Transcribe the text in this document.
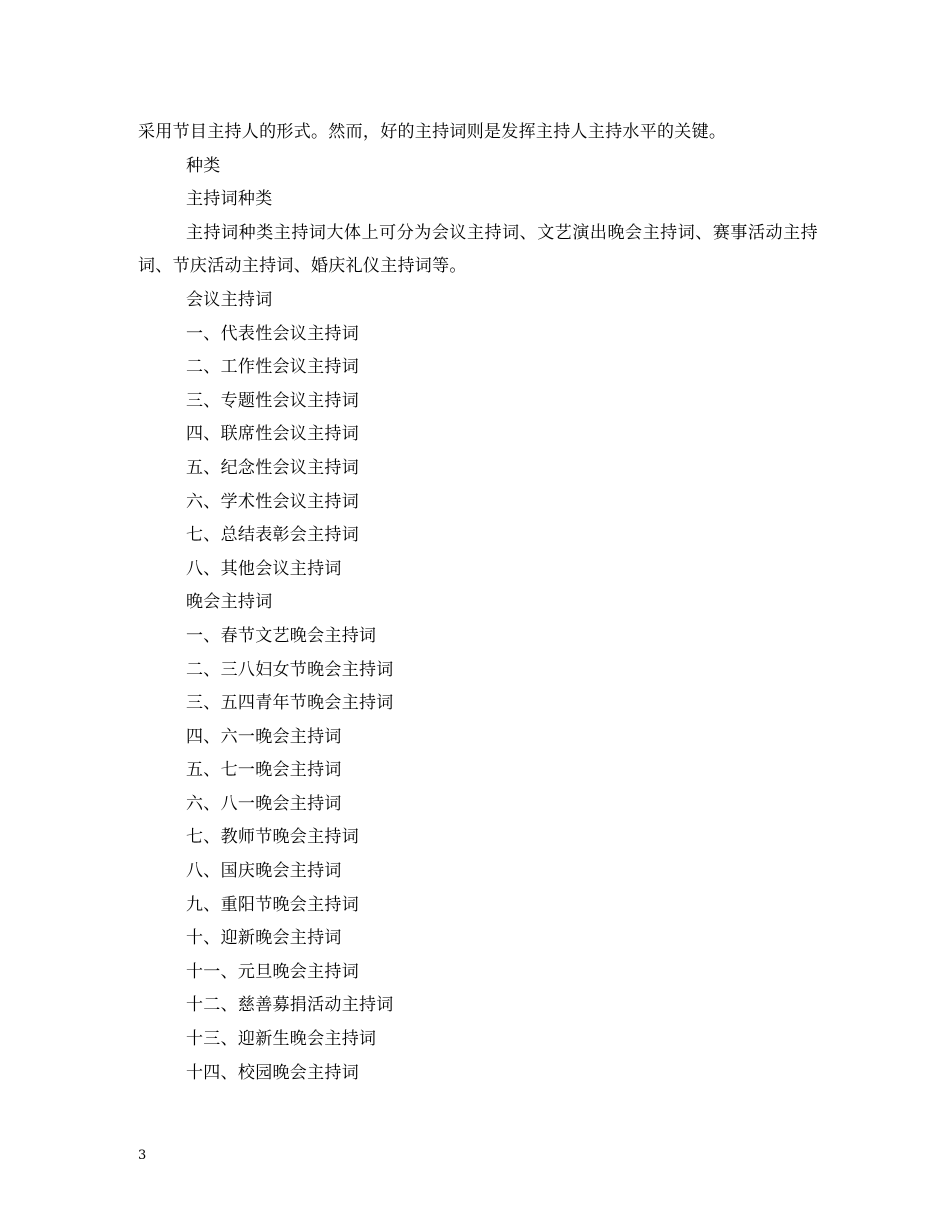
采用节目主持人的形式。然而，好的主持词则是发挥主持人主持水平的关键。
种类
主持词种类
主持词种类主持词大体上可分为会议主持词、文艺演出晚会主持词、赛事活动主持词、节庆活动主持词、婚庆礼仪主持词等。
会议主持词
一、代表性会议主持词
二、工作性会议主持词
三、专题性会议主持词
四、联席性会议主持词
五、纪念性会议主持词
六、学术性会议主持词
七、总结表彰会主持词
八、其他会议主持词
晚会主持词
一、春节文艺晚会主持词
二、三八妇女节晚会主持词
三、五四青年节晚会主持词
四、六一晚会主持词
五、七一晚会主持词
六、八一晚会主持词
七、教师节晚会主持词
八、国庆晚会主持词
九、重阳节晚会主持词
十、迎新晚会主持词
十一、元旦晚会主持词
十二、慈善募捐活动主持词
十三、迎新生晚会主持词
十四、校园晚会主持词
3
